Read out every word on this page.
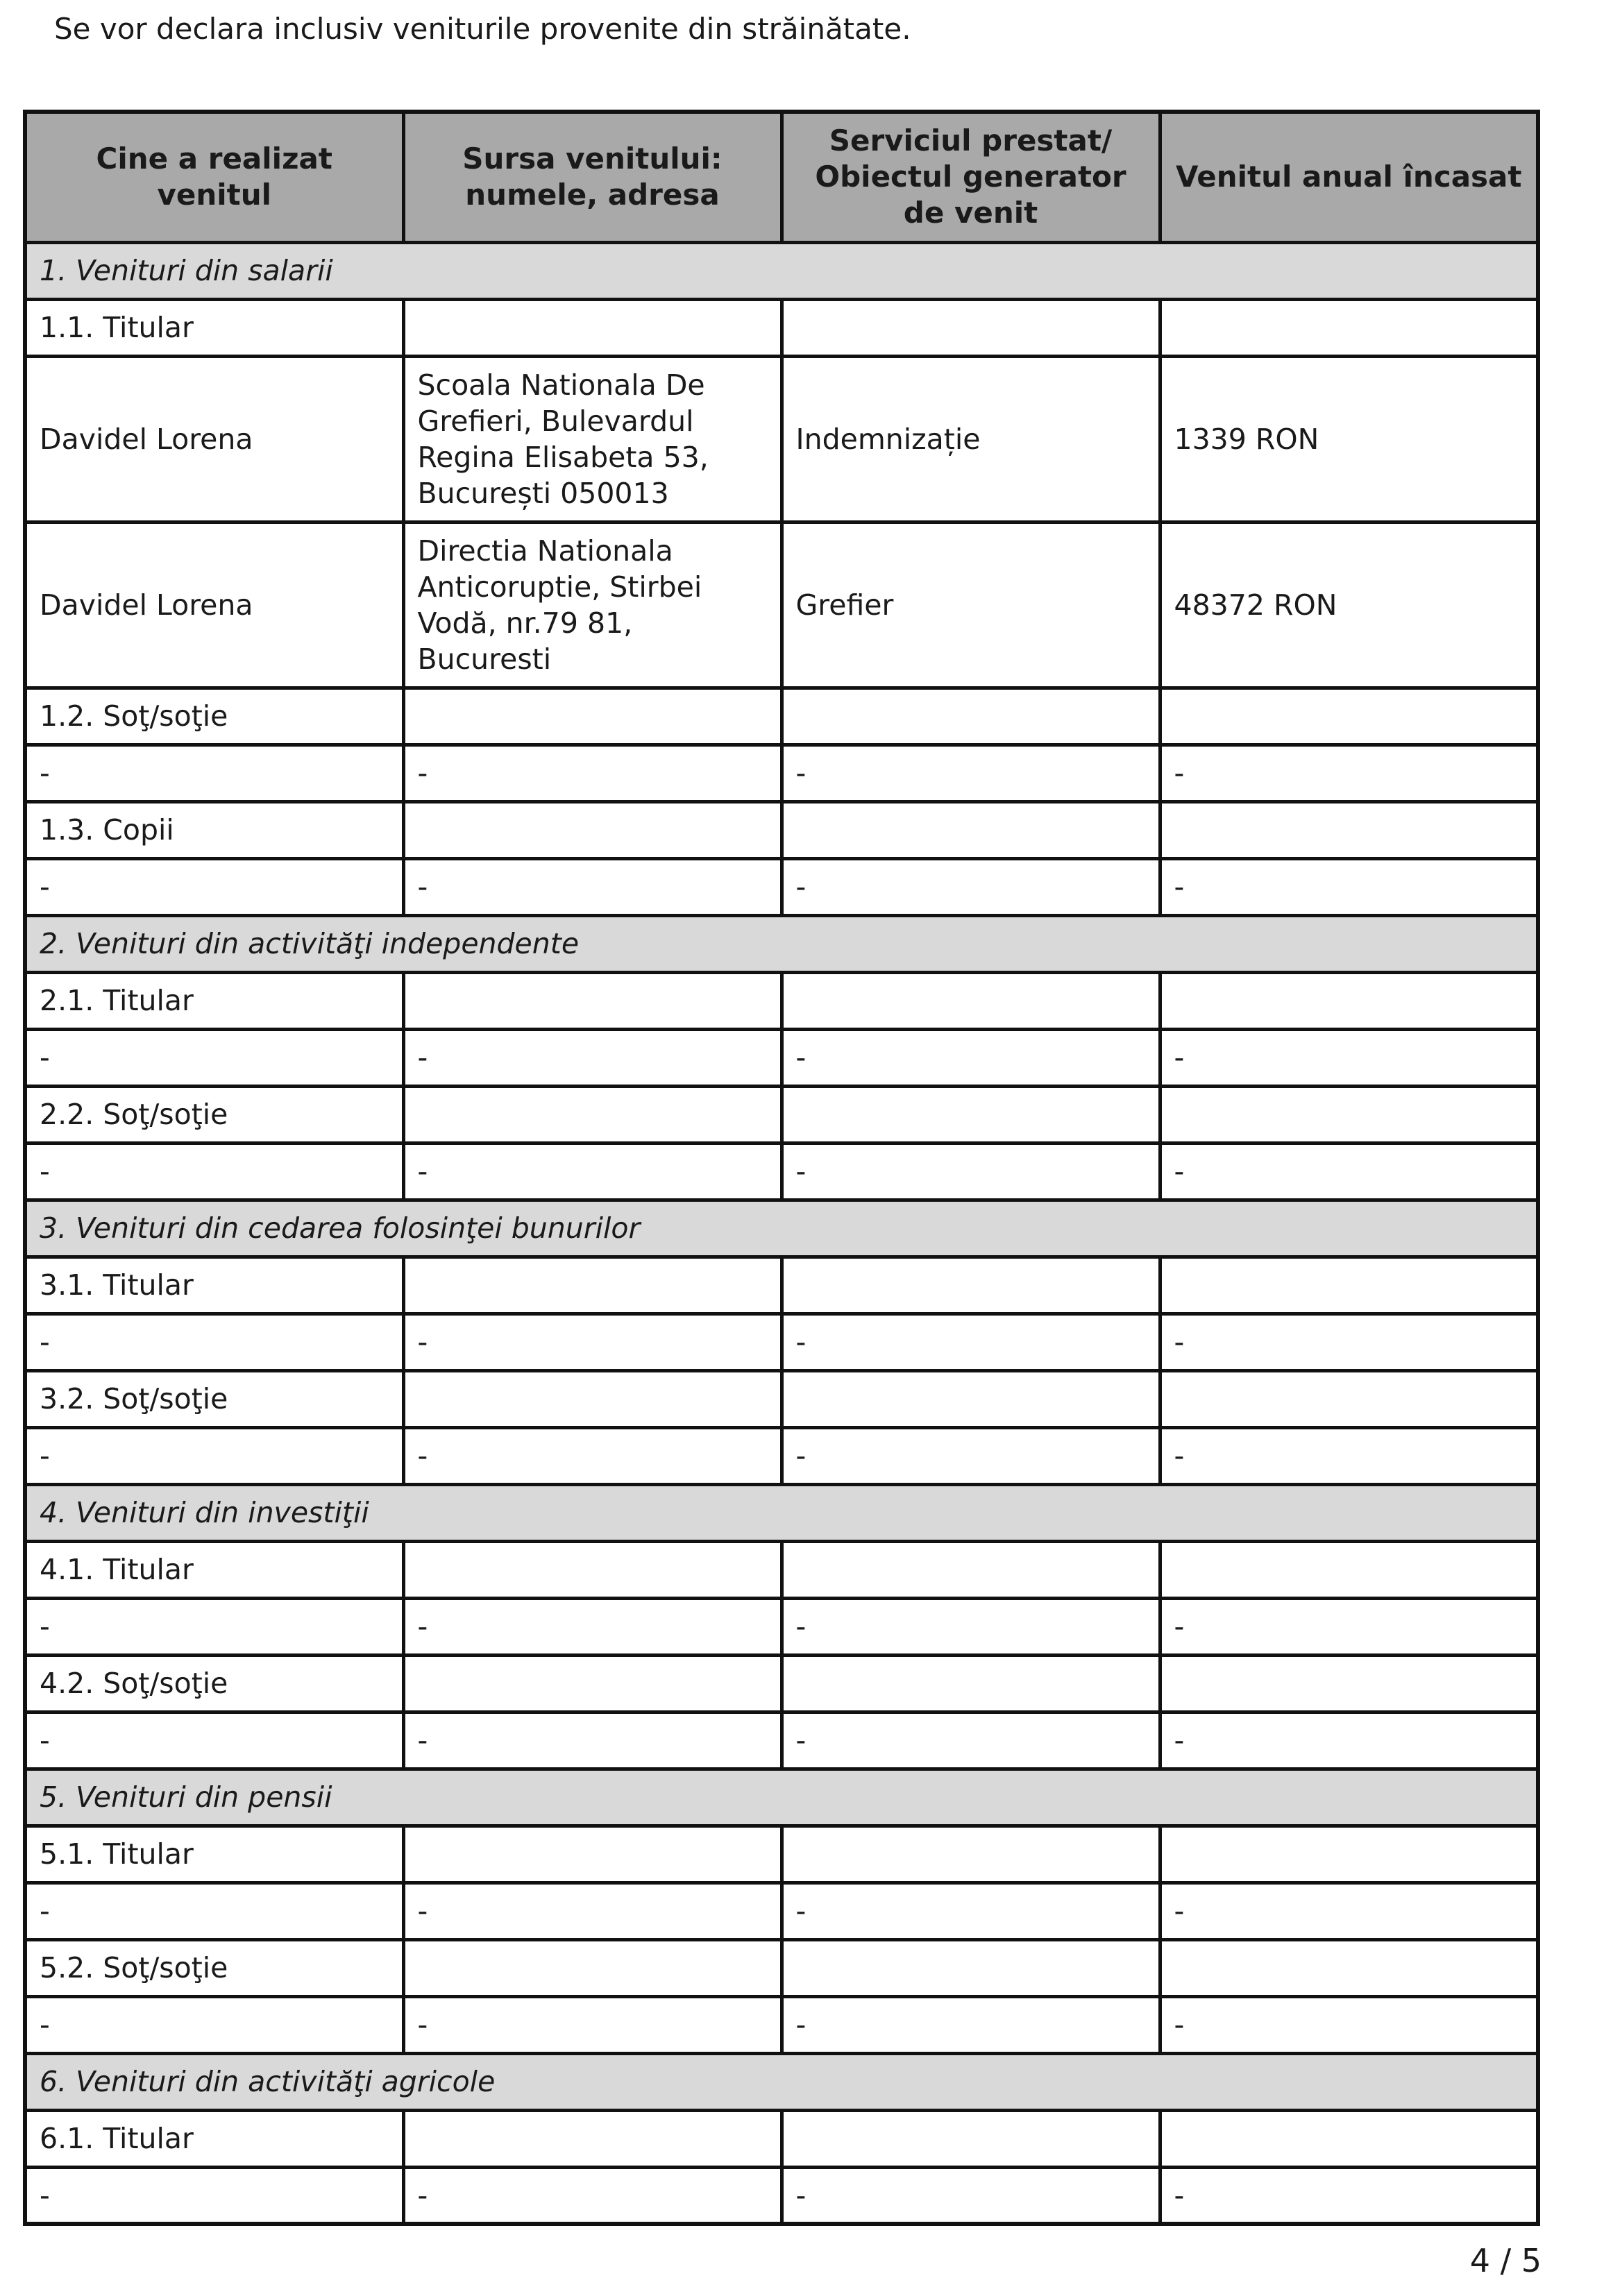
Se vor declara inclusiv veniturile provenite din străinătate.
Cine a realizat venitul	Sursa venitului: numele, adresa	Serviciul prestat/ Obiectul generator de venit	Venitul anual încasat
1. Venituri din salarii			
1.1. Titular			
Davidel Lorena	Scoala Nationala De Grefieri, Bulevardul Regina Elisabeta 53, București 050013	Indemnizație	1339 RON
Davidel Lorena	Directia Nationala Anticoruptie, Stirbei Vodă, nr.79 81, Bucuresti	Grefier	48372 RON
1.2. Soţ/soţie			
-	-	-	-
1.3. Copii			
-	-	-	-
2. Venituri din activităţi independente			
2.1. Titular			
-	-	-	-
2.2. Soţ/soţie			
-	-	-	-
3. Venituri din cedarea folosinţei bunurilor			
3.1. Titular			
-	-	-	-
3.2. Soţ/soţie			
-	-	-	-
4. Venituri din investiţii			
4.1. Titular			
-	-	-	-
4.2. Soţ/soţie			
-	-	-	-
5. Venituri din pensii			
5.1. Titular			
-	-	-	-
5.2. Soţ/soţie			
-	-	-	-
6. Venituri din activităţi agricole			
6.1. Titular			
-	-	-	-
4 / 5
